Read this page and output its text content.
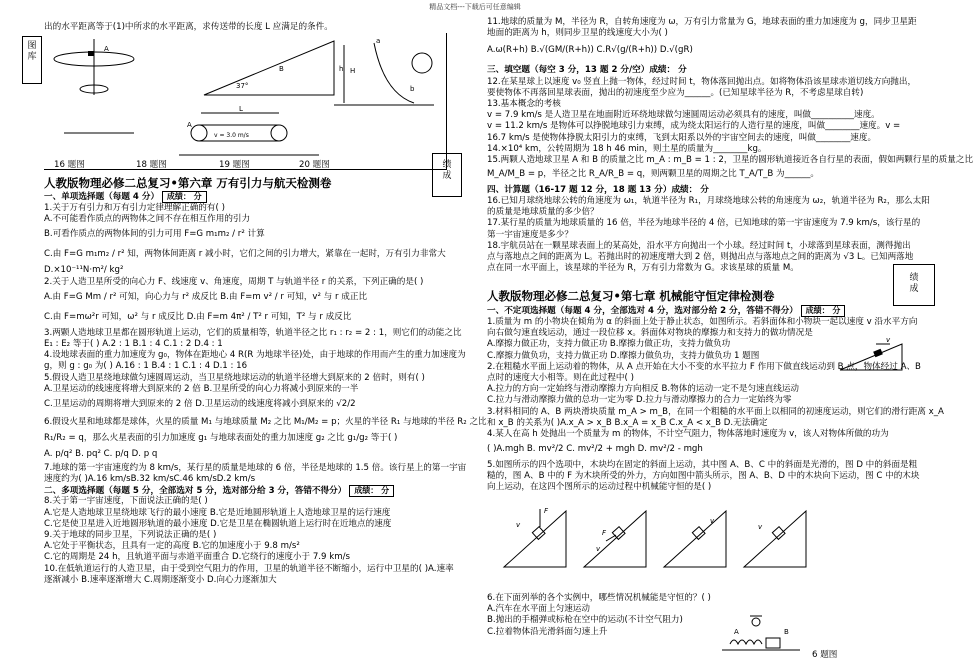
精品文档---下载后可任意编辑
图
库
绩
成
绩
成
出的水平距离等于(1)中所求的水平距离，求传送带的长度 L 应满足的条件。
A
B
37°
h
L
A
v = 3.0 m/s
H
a
b
16 题图	18 题图	19 题图	20 题图
人教版物理必修二总复习•第六章 万有引力与航天检测卷
一、单项选择题（每题 4 分） 成绩： 分
1.关于万有引力和万有引力定律理解正确的有( )
A.不可能看作质点的两物体之间不存在相互作用的引力
B.可看作质点的两物体间的引力可用 F=G m₁m₂ / r² 计算
C.由 F=G m₁m₂ / r² 知，两物体间距离 r 减小时，它们之间的引力增大，紧靠在一起时，万有引力非常大
D.×10⁻¹¹N·m²/ kg²
2.关于人造卫星所受的向心力 F、线速度 v、角速度，周期 T 与轨道半径 r 的关系，下列正确的是( )
A.由 F=G Mm / r² 可知，向心力与 r² 成反比 B.由 F=m v² / r 可知，v² 与 r 成正比
C.由 F=mω²r 可知，ω² 与 r 成反比 D.由 F=m 4π² / T² r 可知，T² 与 r 成反比
3.两颗人造地球卫星都在圆形轨道上运动，它们的质量相等，轨道半径之比 r₁ : r₂ = 2 : 1，则它们的动能之比
E₁ : E₂ 等于( ) A.2 : 1 B.1 : 4 C.1 : 2 D.4 : 1
4.设地球表面的重力加速度为 g₀，物体在距地心 4 R(R 为地球半径)处，由于地球的作用而产生的重力加速度为
g，则 g : g₀ 为( ) A.16 : 1 B.4 : 1 C.1 : 4 D.1 : 16
5.假设人造卫星绕地球做匀速圆周运动，当卫星绕地球运动的轨道半径增大到原来的 2 倍时，则有( )
A.卫星运动的线速度将增大到原来的 2 倍 B.卫星所受的向心力将减小到原来的一半
C.卫星运动的周期将增大到原来的 2 倍 D.卫星运动的线速度将减小到原来的 √2/2
6.假设火星和地球都是球体，火星的质量 M₁ 与地球质量 M₂ 之比 M₁/M₂ = p；火星的半径 R₁ 与地球的半径 R₂ 之比
R₁/R₂ = q，那么火星表面的引力加速度 g₁ 与地球表面处的重力加速度 g₂ 之比 g₁/g₂ 等于( )
A. p/q² B. pq² C. p/q D. p q
7.地球的第一宇宙速度约为 8 km/s，某行星的质量是地球的 6 倍，半径是地球的 1.5 倍。该行星上的第一宇宙
速度约为( )A.16 km/sB.32 km/sC.46 km/sD.2 km/s
二、多项选择题（每题 5 分，全部选对 5 分，选对部分给 3 分，答错不得分） 成绩： 分
8.关于第一宇宙速度，下面说法正确的是( )
A.它是人造地球卫星绕地球飞行的最小速度 B.它是近地圆形轨道上人造地球卫星的运行速度
C.它是使卫星进入近地圆形轨道的最小速度 D.它是卫星在椭圆轨道上运行时在近地点的速度
9.关于地球的同步卫星，下列说法正确的是( )
A.它处于平衡状态，且具有一定的高度 B.它的加速度小于 9.8 m/s²
C.它的周期是 24 h，且轨道平面与赤道平面重合 D.它绕行的速度小于 7.9 km/s
10.在低轨道运行的人造卫星，由于受到空气阻力的作用，卫星的轨道半径不断缩小，运行中卫星的( )A.速率
逐渐减小 B.速率逐渐增大 C.周期逐渐变小 D.向心力逐渐加大
11.地球的质量为 M，半径为 R，自转角速度为 ω，万有引力常量为 G，地球表面的重力加速度为 g，同步卫星距
地面的距离为 h，则同步卫星的线速度大小为( )
A.ω(R+h) B.√(GM/(R+h)) C.R√(g/(R+h)) D.√(gR)
三、填空题（每空 3 分，13 题 2 分/空）成绩： 分
12.在某星球上以速度 v₀ 竖直上抛一物体，经过时间 t，物体落回抛出点。如将物体沿该星球赤道切线方向抛出，
要使物体不再落回星球表面，抛出的初速度至少应为______。(已知星球半径为 R，不考虑星球自转)
13.基本概念的考核
v = 7.9 km/s 是人造卫星在地面附近环绕地球做匀速圆周运动必须具有的速度，叫做__________速度。
v = 11.2 km/s 是物体可以挣脱地球引力束缚，成为绕太阳运行的人造行星的速度，叫做________速度。v =
16.7 km/s 是使物体挣脱太阳引力的束缚，飞到太阳系以外的宇宙空间去的速度，叫做________速度。
14.×10⁴ km，公转周期为 18 h 46 min，则土星的质量为________kg。
15.两颗人造地球卫星 A 和 B 的质量之比 m_A : m_B = 1 : 2，卫星的圆形轨道接近各自行星的表面，假如两颗行星的质量之比
M_A/M_B = p，半径之比 R_A/R_B = q，则两颗卫星的周期之比 T_A/T_B 为______。
四、计算题（16-17 题 12 分，18 题 13 分）成绩： 分
16.已知月球绕地球公转的角速度为 ω₁，轨道半径为 R₁，月球绕地球公转的角速度为 ω₂，轨道半径为 R₂，那么太阳
的质量是地球质量的多少倍？
17.某行星的质量为地球质量的 16 倍，半径为地球半径的 4 倍，已知地球的第一宇宙速度为 7.9 km/s，该行星的
第一宇宙速度是多少？
18.宇航员站在一颗星球表面上的某高处，沿水平方向抛出一个小球。经过时间 t，小球落到星球表面，测得抛出
点与落地点之间的距离为 L。若抛出时的初速度增大到 2 倍，则抛出点与落地点之间的距离为 √3 L。已知两落地
点在同一水平面上，该星球的半径为 R，万有引力常数为 G。求该星球的质量 M。
人教版物理必修二总复习•第七章 机械能守恒定律检测卷
一、不定项选择题（每题 4 分，全部选对 4 分，选对部分给 2 分，答错不得分） 成绩： 分
1.质量为 m 的小物块在倾角为 α 的斜面上处于静止状态，如图所示。若斜面体和小物块一起以速度 v 沿水平方向
向右做匀速直线运动，通过一段位移 x。斜面体对物块的摩擦力和支持力的做功情况是
A.摩擦力做正功，支持力做正功 B.摩擦力做正功，支持力做负功
C.摩擦力做负功，支持力做正功 D.摩擦力做负功，支持力做负功 1 题图
2.在粗糙水平面上运动着的物体，从 A 点开始在大小不变的水平拉力 F 作用下做直线运动到 B 点，物体经过 A、B
点时的速度大小相等。则在此过程中( )
A.拉力的方向一定始终与滑动摩擦力方向相反 B.物体的运动一定不是匀速直线运动
C.拉力与滑动摩擦力做的总功一定为零 D.拉力与滑动摩擦力的合力一定始终为零
3.材料相同的 A、B 两块滑块质量 m_A > m_B，在同一个粗糙的水平面上以相同的初速度运动，则它们的滑行距离 x_A
和 x_B 的关系为( )A.x_A > x_B B.x_A = x_B C.x_A < x_B D.无法确定
4.某人在高 h 处抛出一个质量为 m 的物体，不计空气阻力，物体落地时速度为 v，该人对物体所做的功为
( )A.mgh B. mv²/2 C. mv²/2 + mgh D. mv²/2 - mgh
5.如图所示的四个选项中，木块均在固定的斜面上运动，其中图 A、B、C 中的斜面是光滑的，图 D 中的斜面是粗
糙的，图 A、B 中的 F 为木块所受的外力，方向如图中箭头所示，图 A、B、D 中的木块向下运动，图 C 中的木块
向上运动，在这四个图所示的运动过程中机械能守恒的是( )
v
v
F
v
F
v
v
6.在下面列举的各个实例中，哪些情况机械能是守恒的？( )
A.汽车在水平面上匀速运动
B.抛出的手榴弹或标枪在空中的运动(不计空气阻力)
C.拉着物体沿光滑斜面匀速上升	A	B
6 题图
